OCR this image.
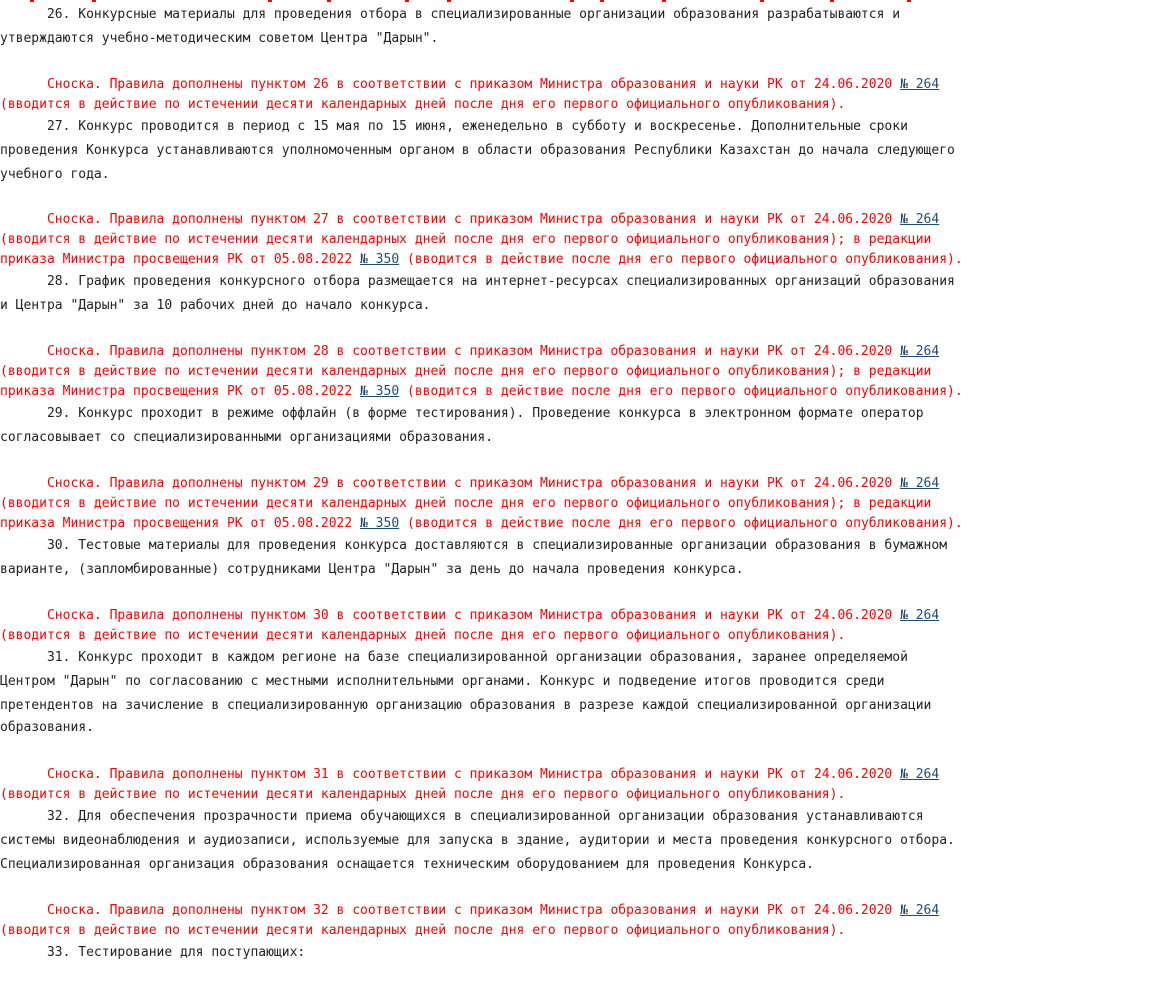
26. Конкурсные материалы для проведения отбора в специализированные организации образования разрабатываются и
утверждаются учебно-методическим советом Центра "Дарын".
Сноска. Правила дополнены пунктом 26 в соответствии с приказом Министра образования и науки РК от 24.06.2020 № 264
(вводится в действие по истечении десяти календарных дней после дня его первого официального опубликования).
27. Конкурс проводится в период с 15 мая по 15 июня, еженедельно в субботу и воскресенье. Дополнительные сроки
проведения Конкурса устанавливаются уполномоченным органом в области образования Республики Казахстан до начала следующего
учебного года.
Сноска. Правила дополнены пунктом 27 в соответствии с приказом Министра образования и науки РК от 24.06.2020 № 264
(вводится в действие по истечении десяти календарных дней после дня его первого официального опубликования); в редакции
приказа Министра просвещения РК от 05.08.2022 № 350 (вводится в действие после дня его первого официального опубликования).
28. График проведения конкурсного отбора размещается на интернет-ресурсах специализированных организаций образования
и Центра "Дарын" за 10 рабочих дней до начало конкурса.
Сноска. Правила дополнены пунктом 28 в соответствии с приказом Министра образования и науки РК от 24.06.2020 № 264
(вводится в действие по истечении десяти календарных дней после дня его первого официального опубликования); в редакции
приказа Министра просвещения РК от 05.08.2022 № 350 (вводится в действие после дня его первого официального опубликования).
29. Конкурс проходит в режиме оффлайн (в форме тестирования). Проведение конкурса в электронном формате оператор
согласовывает со специализированными организациями образования.
Сноска. Правила дополнены пунктом 29 в соответствии с приказом Министра образования и науки РК от 24.06.2020 № 264
(вводится в действие по истечении десяти календарных дней после дня его первого официального опубликования); в редакции
приказа Министра просвещения РК от 05.08.2022 № 350 (вводится в действие после дня его первого официального опубликования).
30. Тестовые материалы для проведения конкурса доставляются в специализированные организации образования в бумажном
варианте, (запломбированные) сотрудниками Центра "Дарын" за день до начала проведения конкурса.
Сноска. Правила дополнены пунктом 30 в соответствии с приказом Министра образования и науки РК от 24.06.2020 № 264
(вводится в действие по истечении десяти календарных дней после дня его первого официального опубликования).
31. Конкурс проходит в каждом регионе на базе специализированной организации образования, заранее определяемой
Центром "Дарын" по согласованию с местными исполнительными органами. Конкурс и подведение итогов проводится среди
претендентов на зачисление в специализированную организацию образования в разрезе каждой специализированной организации
образования.
Сноска. Правила дополнены пунктом 31 в соответствии с приказом Министра образования и науки РК от 24.06.2020 № 264
(вводится в действие по истечении десяти календарных дней после дня его первого официального опубликования).
32. Для обеспечения прозрачности приема обучающихся в специализированной организации образования устанавливаются
системы видеонаблюдения и аудиозаписи, используемые для запуска в здание, аудитории и места проведения конкурсного отбора.
Специализированная организация образования оснащается техническим оборудованием для проведения Конкурса.
Сноска. Правила дополнены пунктом 32 в соответствии с приказом Министра образования и науки РК от 24.06.2020 № 264
(вводится в действие по истечении десяти календарных дней после дня его первого официального опубликования).
33. Тестирование для поступающих:
